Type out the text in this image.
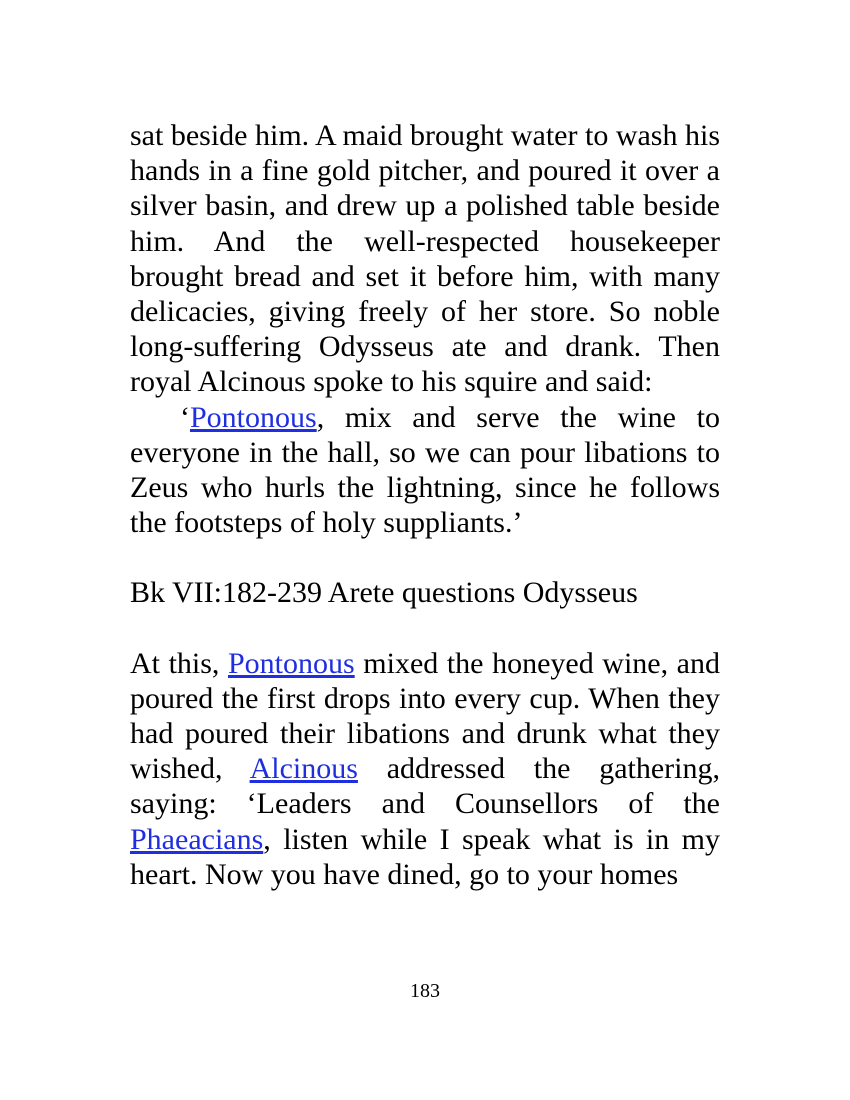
sat beside him. A maid brought water to wash his hands in a fine gold pitcher, and poured it over a silver basin, and drew up a polished table beside him. And the well-respected housekeeper brought bread and set it before him, with many delicacies, giving freely of her store. So noble long-suffering Odysseus ate and drank. Then royal Alcinous spoke to his squire and said:

‘Pontonous, mix and serve the wine to everyone in the hall, so we can pour libations to Zeus who hurls the lightning, since he follows the footsteps of holy suppliants.’

Bk VII:182-239 Arete questions Odysseus

At this, Pontonous mixed the honeyed wine, and poured the first drops into every cup. When they had poured their libations and drunk what they wished, Alcinous addressed the gathering, saying: ‘Leaders and Counsellors of the Phaeacians, listen while I speak what is in my heart. Now you have dined, go to your homes

183
